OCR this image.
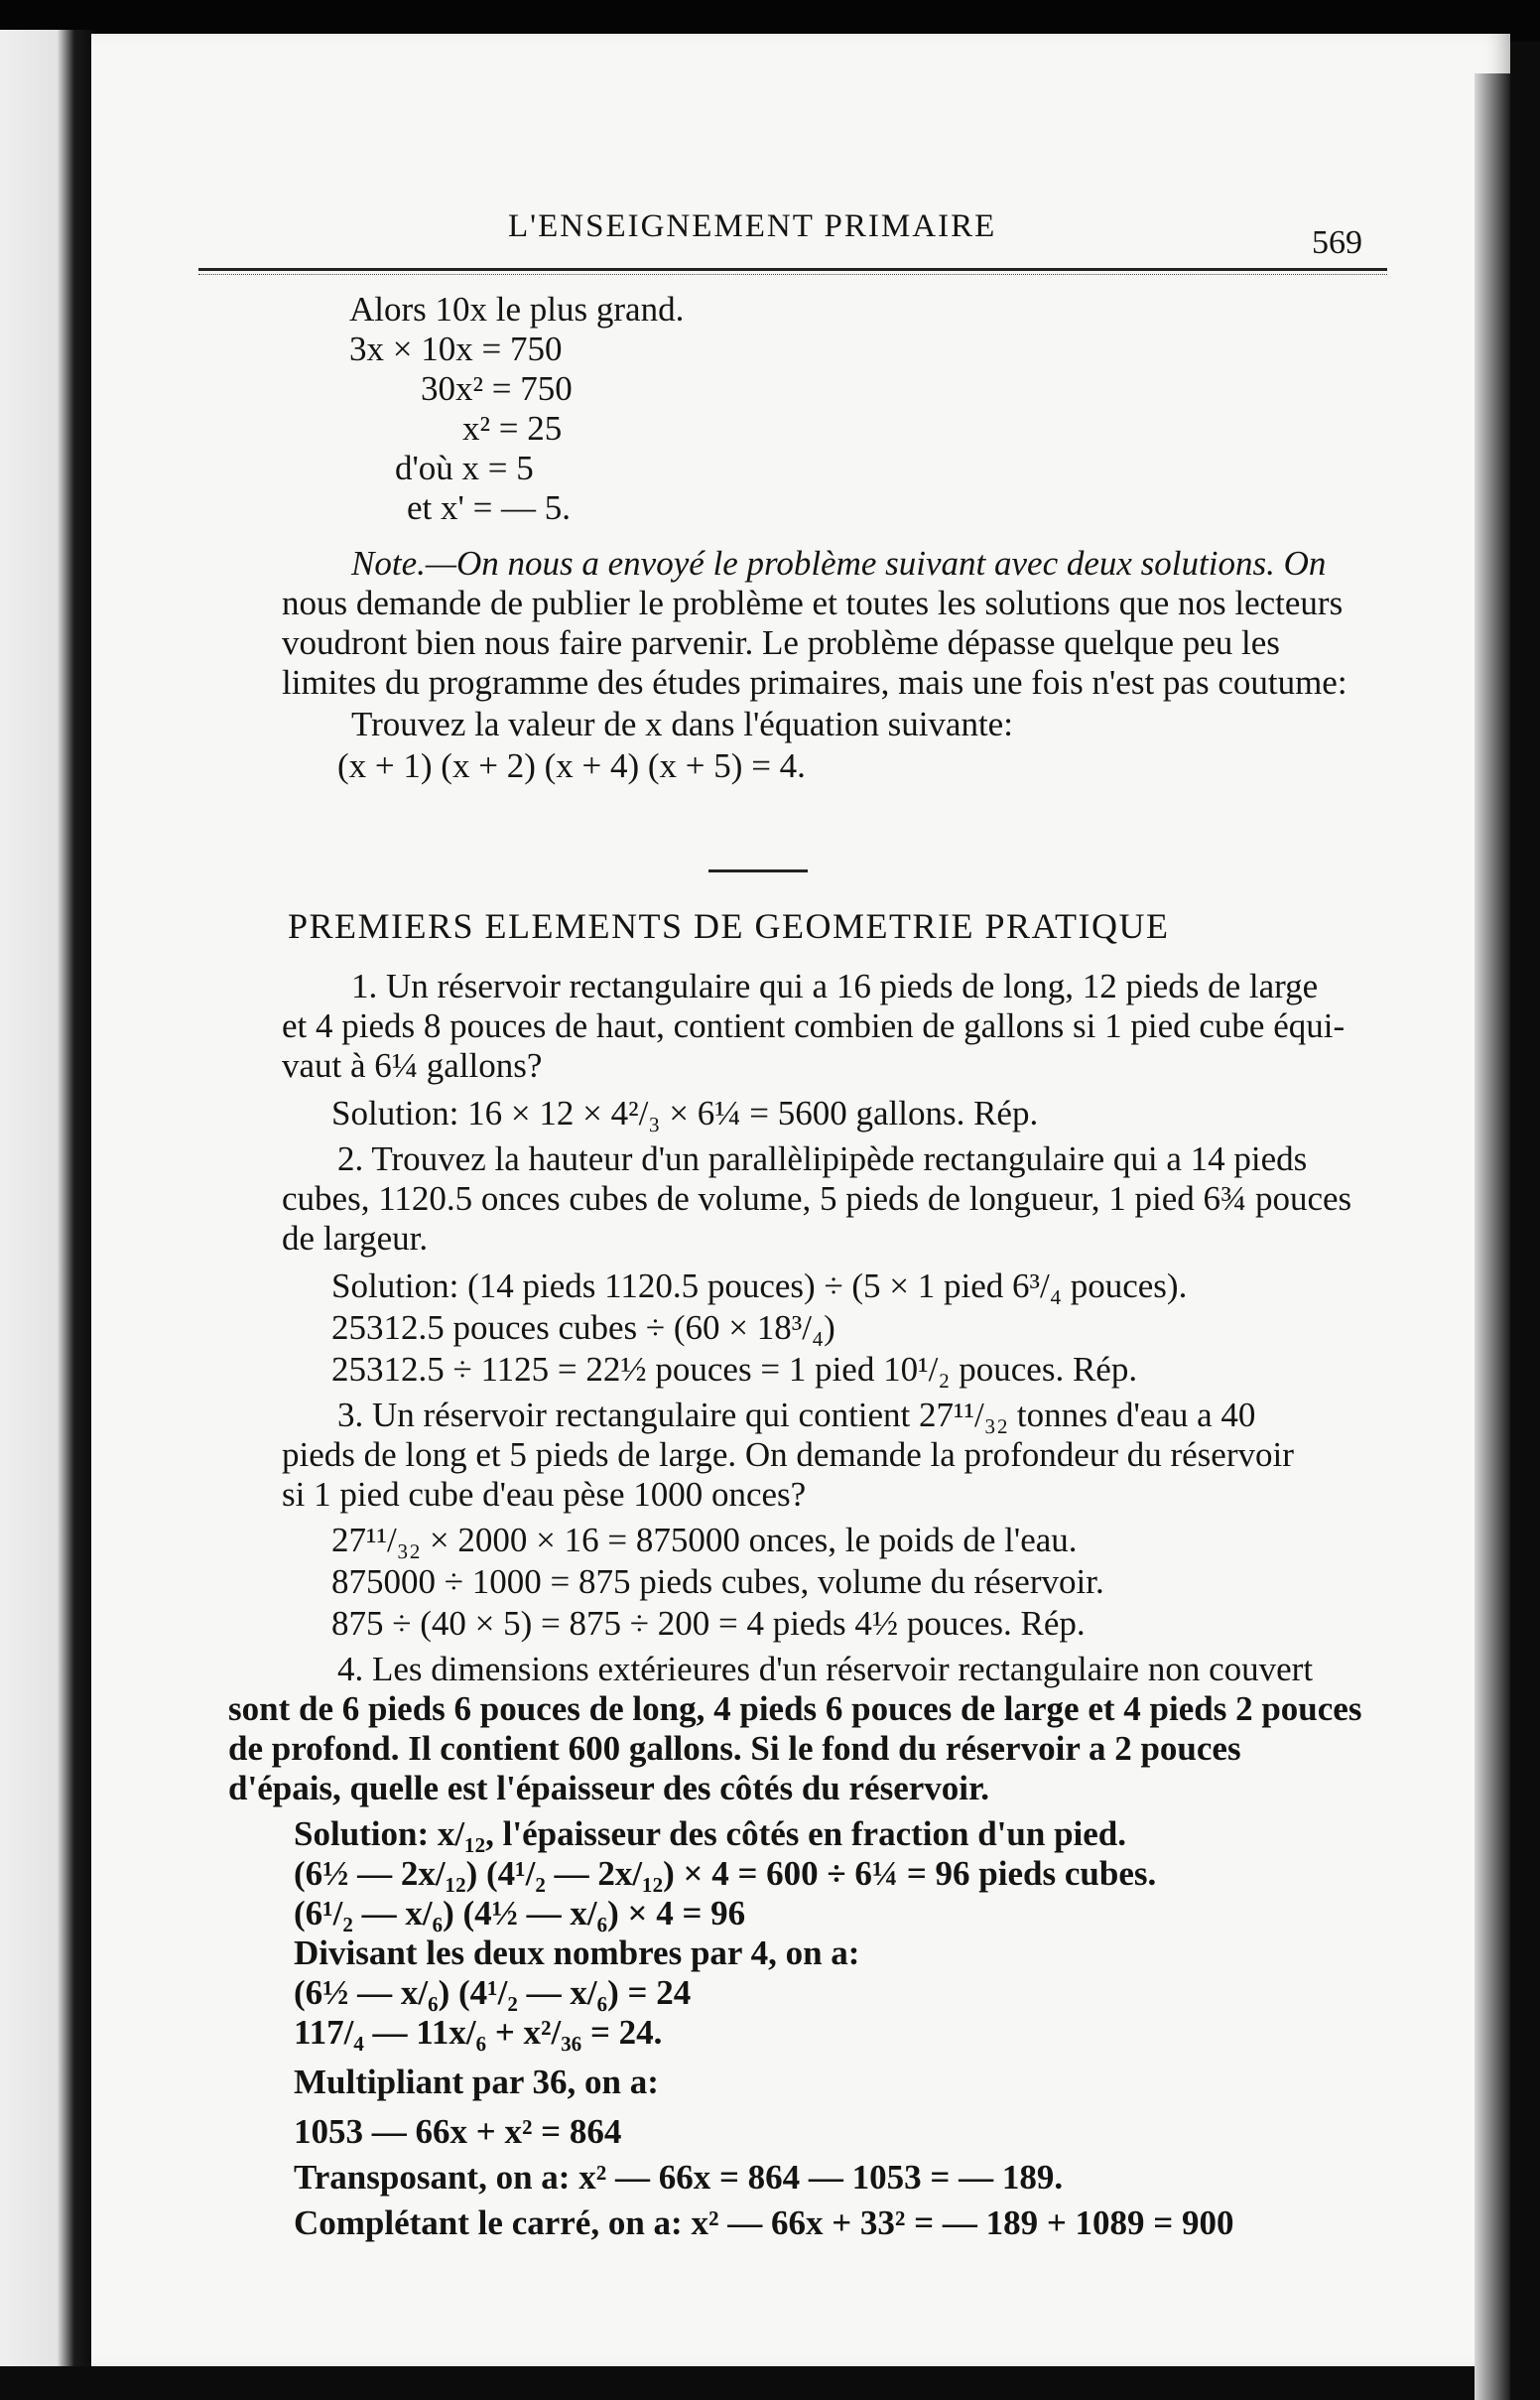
L'ENSEIGNEMENT PRIMAIRE	569
Alors 10x le plus grand.
3x × 10x = 750
30x² = 750
x² = 25
d'où x = 5
et x' = — 5.
Note.—On nous a envoyé le problème suivant avec deux solutions. On
nous demande de publier le problème et toutes les solutions que nos lecteurs
voudront bien nous faire parvenir. Le problème dépasse quelque peu les
limites du programme des études primaires, mais une fois n'est pas coutume:
Trouvez la valeur de x dans l'équation suivante:
(x + 1) (x + 2) (x + 4) (x + 5) = 4.
PREMIERS ELEMENTS DE GEOMETRIE PRATIQUE
1. Un réservoir rectangulaire qui a 16 pieds de long, 12 pieds de large
et 4 pieds 8 pouces de haut, contient combien de gallons si 1 pied cube équi-
vaut à 6¼ gallons?
Solution: 16 × 12 × 4²/₃ × 6¼ = 5600 gallons. Rép.
2. Trouvez la hauteur d'un parallèlipipède rectangulaire qui a 14 pieds
cubes, 1120.5 onces cubes de volume, 5 pieds de longueur, 1 pied 6¾ pouces
de largeur.
Solution: (14 pieds 1120.5 pouces) ÷ (5 × 1 pied 6³/₄ pouces).
25312.5 pouces cubes ÷ (60 × 18³/₄)
25312.5 ÷ 1125 = 22½ pouces = 1 pied 10¹/₂ pouces. Rép.
3. Un réservoir rectangulaire qui contient 27¹¹/₃₂ tonnes d'eau a 40
pieds de long et 5 pieds de large. On demande la profondeur du réservoir
si 1 pied cube d'eau pèse 1000 onces?
27¹¹/₃₂ × 2000 × 16 = 875000 onces, le poids de l'eau.
875000 ÷ 1000 = 875 pieds cubes, volume du réservoir.
875 ÷ (40 × 5) = 875 ÷ 200 = 4 pieds 4½ pouces. Rép.
4. Les dimensions extérieures d'un réservoir rectangulaire non couvert
sont de 6 pieds 6 pouces de long, 4 pieds 6 pouces de large et 4 pieds 2 pouces
de profond. Il contient 600 gallons. Si le fond du réservoir a 2 pouces
d'épais, quelle est l'épaisseur des côtés du réservoir.
Solution: x/₁₂, l'épaisseur des côtés en fraction d'un pied.
(6½ — 2x/₁₂) (4¹/₂ — 2x/₁₂) × 4 = 600 ÷ 6¼ = 96 pieds cubes.
(6¹/₂ — x/₆) (4½ — x/₆) × 4 = 96
Divisant les deux nombres par 4, on a:
(6½ — x/₆) (4¹/₂ — x/₆) = 24
117/₄ — 11x/₆ + x²/₃₆ = 24.
Multipliant par 36, on a:
1053 — 66x + x² = 864
Transposant, on a: x² — 66x = 864 — 1053 = — 189.
Complétant le carré, on a: x² — 66x + 33² = — 189 + 1089 = 900
